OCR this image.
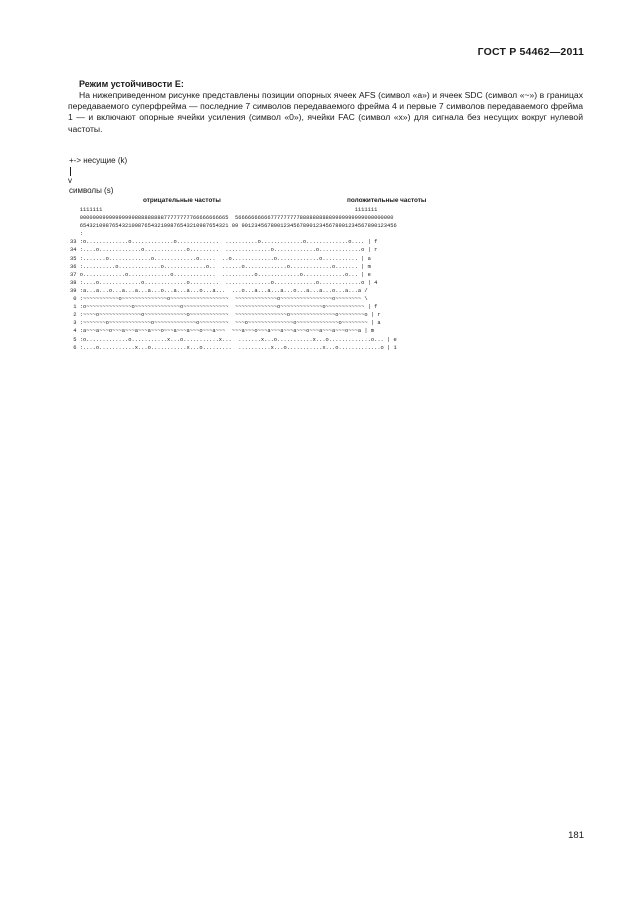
ГОСТ Р 54462—2011
Режим устойчивости Е:

На нижеприведенном рисунке представлены позиции опорных ячеек AFS (символ «а») и ячеек SDC (символ «~») в границах передаваемого суперфрейма — последние 7 символов передаваемого фрейма 4 и первые 7 символов передаваемого фрейма 1 — и включают опорные ячейки усиления (символ «0»), ячейки FAC (символ «х») для сигнала без несущих вокруг нулевой частоты.

+-> несущие (k)
v
символы (s)
отрицательные частоты	положительные частоты
1111111                                                                              1111111
0000000999999999988888888877777777766666666665  5666666666677777777788888888889999999999000000000
6543210987654321098765432109876543210987654321 09 901234567890123456789012345678901234567890123456
:
33 :o.............o.............o.............  ..........o.............o.............o.... | f
34 :....o.............o.............o.........  ..............o.............o.............o | r
35 :.......o.............o.............o.....  ..o.............o.............o........... | a
36 :..........o.............o.............o..  ......o.............o.............o....... | m
37 o.............o.............o.............  ..........o.............o.............o... | e
38 :....o.............o.............o.........  ..............o.............o.............o | 4
39 :a...a...o...a...a...a...o...a...a...o...a...  ...o...a...a...a...o...a...a...o...a...a /
0 :~~~~~~~~~~~o~~~~~~~~~~~~~~o~~~~~~~~~~~~~~~~~~  ~~~~~~~~~~~~~o~~~~~~~~~~~~~~~~o~~~~~~~~ \
1 :o~~~~~~~~~~~~~~o~~~~~~~~~~~~~~o~~~~~~~~~~~~~~  ~~~~~~~~~~~~~o~~~~~~~~~~~~~o~~~~~~~~~~~~ | f
2 :~~~~o~~~~~~~~~~~~~o~~~~~~~~~~~~~o~~~~~~~~~~~~  ~~~~~~~~~~~~~~~~o~~~~~~~~~~~~~~o~~~~~~~~o | r
3 :~~~~~~~o~~~~~~~~~~~~~o~~~~~~~~~~~~~o~~~~~~~~~  ~~~o~~~~~~~~~~~~~~o~~~~~~~~~~~~~o~~~~~~~~ | a
4 :a~~~a~~~o~~~a~~~a~~~a~~~o~~~a~~~a~~~o~~~a~~~  ~~~a~~~o~~~a~~~a~~~a~~~o~~~a~~~a~~~o~~~a | m
5 :o.............o...........x...o...........x...  .......x...o...........x...o.............o... | e
6 :....o...........x...o...........x...o.........  ..........x...o...........x...o.............o | 1
181
